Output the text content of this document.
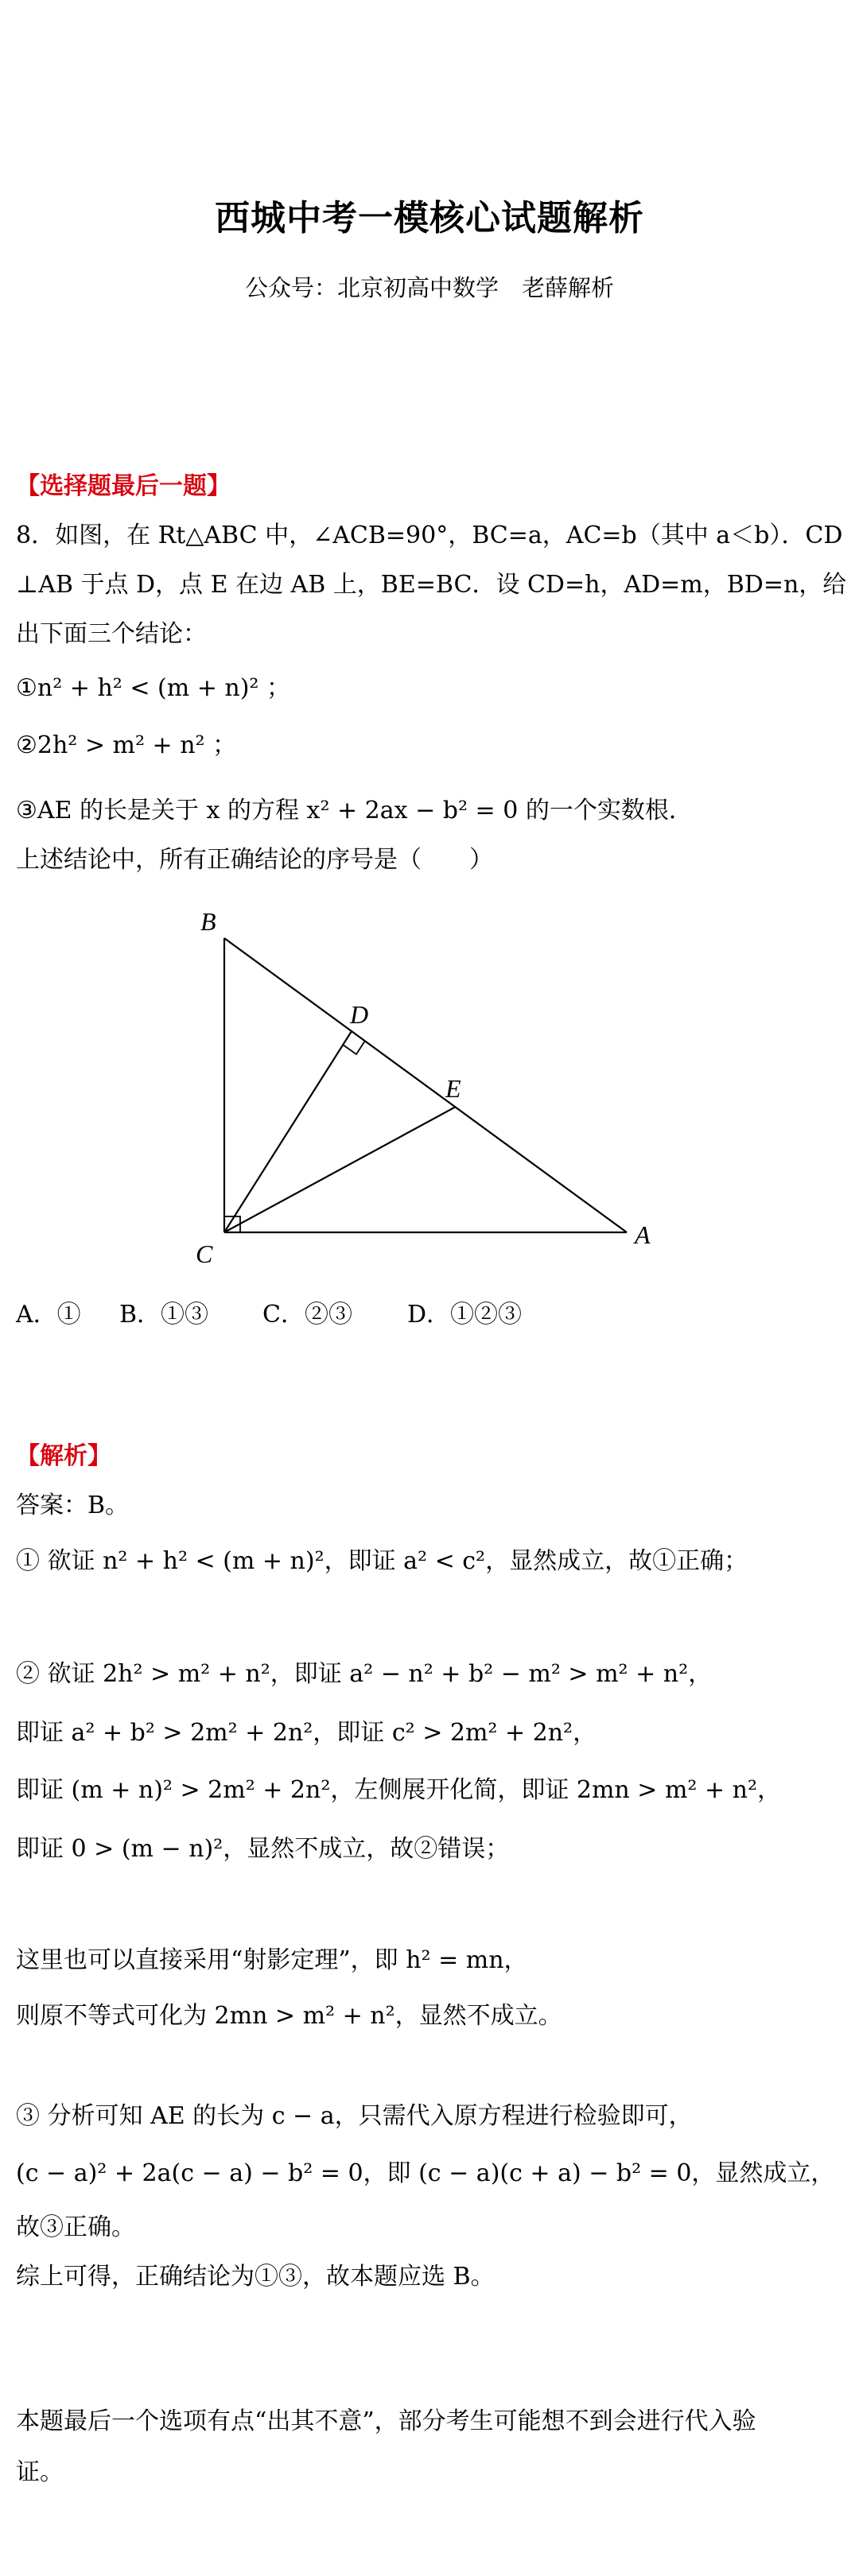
西城中考一模核心试题解析
公众号：北京初高中数学　老薛解析
【选择题最后一题】
8．如图，在 Rt△ABC 中，∠ACB=90°，BC=a，AC=b（其中 a＜b）．CD
⊥AB 于点 D，点 E 在边 AB 上，BE=BC．设 CD=h，AD=m，BD=n，给
出下面三个结论：
①n² + h² < (m + n)² ；
②2h² > m² + n² ；
③AE 的长是关于 x 的方程 x² + 2ax − b² = 0 的一个实数根．
上述结论中，所有正确结论的序号是（　　）
B
D
E
C
A
A．① B．①③ C．②③ D．①②③
【解析】
答案：B。
① 欲证 n² + h² < (m + n)²，即证 a² < c²，显然成立，故①正确；
② 欲证 2h² > m² + n²，即证 a² − n² + b² − m² > m² + n²，
即证 a² + b² > 2m² + 2n²，即证 c² > 2m² + 2n²，
即证 (m + n)² > 2m² + 2n²，左侧展开化简，即证 2mn > m² + n²，
即证 0 > (m − n)²，显然不成立，故②错误；
这里也可以直接采用“射影定理”，即 h² = mn，
则原不等式可化为 2mn > m² + n²，显然不成立。
③ 分析可知 AE 的长为 c − a，只需代入原方程进行检验即可，
(c − a)² + 2a(c − a) − b² = 0，即 (c − a)(c + a) − b² = 0，显然成立，
故③正确。
综上可得，正确结论为①③，故本题应选 B。
本题最后一个选项有点“出其不意”，部分考生可能想不到会进行代入验
证。
